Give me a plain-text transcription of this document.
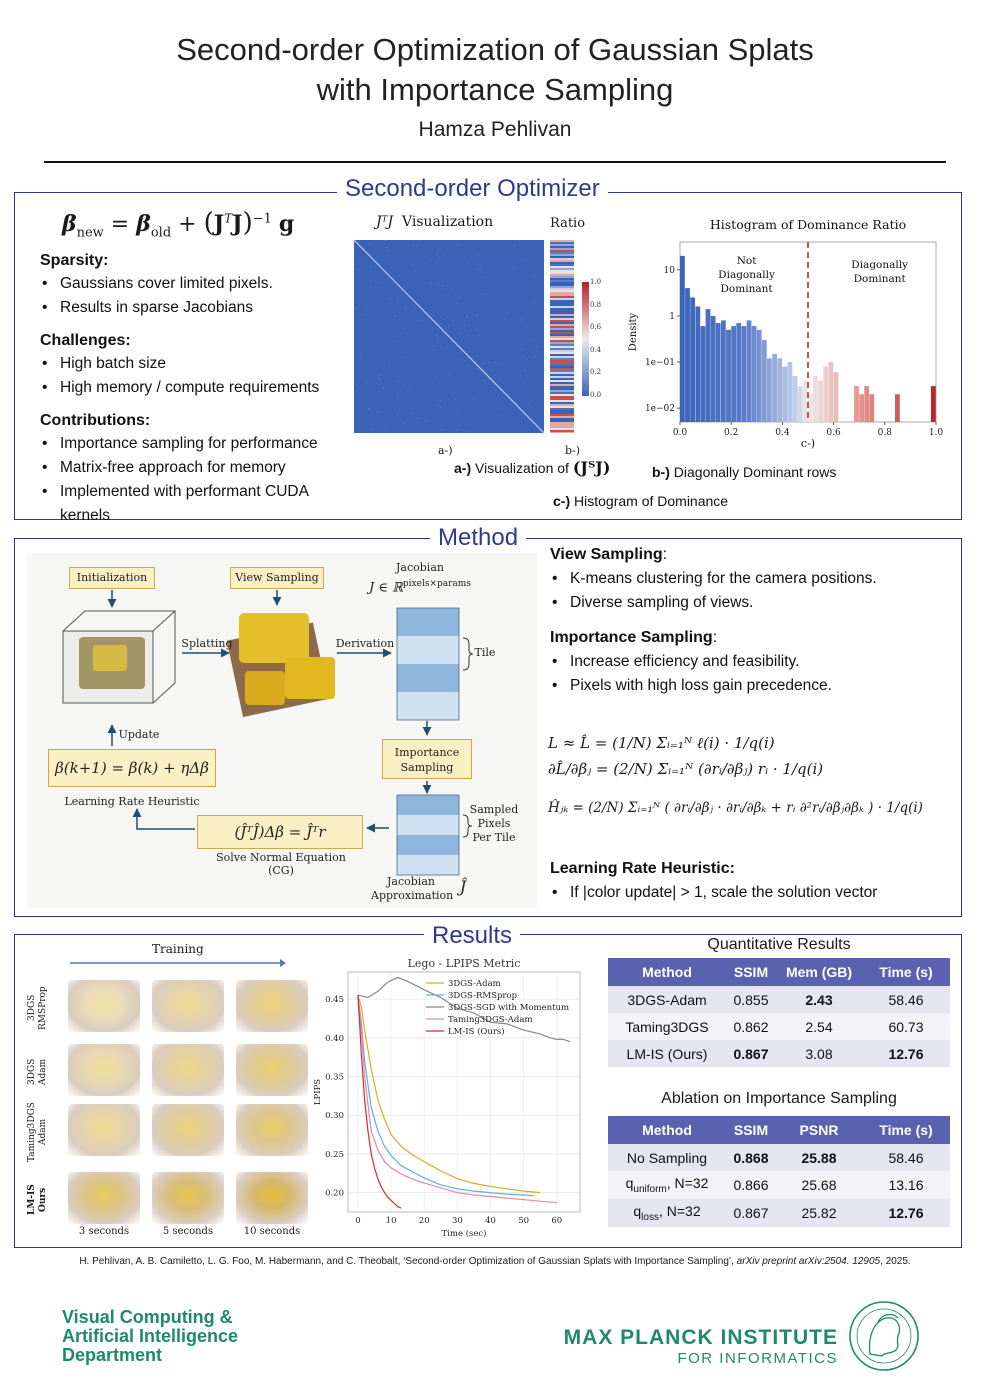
Second-order Optimization of Gaussian Splats
with Importance Sampling
Hamza Pehlivan
Second-order Optimizer
$\beta_{new} = \beta_{old} + (J^TJ)^{-1}$ g
Sparsity:
• Gaussians cover limited pixels.
• Results in sparse Jacobians
Challenges:
• High batch size
• High memory / compute requirements
Contributions:
• Importance sampling for performance
• Matrix-free approach for memory
• Implemented with performant CUDA kernels
JᵀJ Visualization
a-)
Ratio
1.0
0.8
0.6
0.4
0.2
0.0
b-)
Histogram of Dominance Ratio
0.0	0.2	0.4	0.6	0.8	1.0
10
1
1e−01
1e−02
Density
Not
Diagonally
Dominant
Diagonally
Dominant
c-)
a-) Visualization of (JᵀJ)	b-) Diagonally Dominant rows
c-) Histogram of Dominance
Method
Initialization	View Sampling
Jacobian
J ∈ ℝ$^{pixels\times params}$
Splatting	Derivation
Tile
Update
β(k+1) = β(k) + ηΔβ
Learning Rate Heuristic
Importance Sampling
Sampled Pixels Per Tile
(ĴᵀĴ)Δβ = Ĵᵀr
Solve Normal Equation (CG)
Jacobian Approximation Ĵ
View Sampling:
• K-means clustering for the camera positions.
• Diverse sampling of views.
Importance Sampling:
• Increase efficiency and feasibility.
• Pixels with high loss gain precedence.
L ≈ L̂ = (1/N) Σᵢ₌₁ᴺ ℓ(i) · 1/q(i)
∂L̂/∂βⱼ = (2/N) Σᵢ₌₁ᴺ (∂rᵢ/∂βⱼ) rᵢ · 1/q(i)
Ĥⱼₖ = (2/N) Σᵢ₌₁ᴺ ( ∂rᵢ/∂βⱼ · ∂rᵢ/∂βₖ + rᵢ ∂²rᵢ/∂βⱼ∂βₖ ) · 1/q(i)
Learning Rate Heuristic:
• If |color update| > 1, scale the solution vector
Results
Training
3DGS RMSProp
3DGS Adam
Taming3DGS Adam
LM-IS Ours
3 seconds	5 seconds	10 seconds
Lego - LPIPS Metric
0.20
0.25
0.30
0.35
0.40
0.45
0	10	20	30	40	50	60
Time (sec)
LPIPS
3DGS-Adam
3DGS-RMSprop
3DGS-SGD with Momentum
Taming3DGS-Adam
LM-IS (Ours)
Quantitative Results
Method	SSIM	Mem (GB)	Time (s)
3DGS-Adam	0.855	2.43	58.46
Taming3DGS	0.862	2.54	60.73
LM-IS (Ours)	0.867	3.08	12.76
Ablation on Importance Sampling
Method	SSIM	PSNR	Time (s)
No Sampling	0.868	25.88	58.46
$q_{uniform}$, N=32	0.866	25.68	13.16
$q_{loss}$, N=32	0.867	25.82	12.76
H. Pehlivan, A. B. Camiletto, L. G. Foo, M. Habermann, and C. Theobalt, ‘Second-order Optimization of Gaussian Splats with Importance Sampling’, arXiv preprint arXiv:2504. 12905, 2025.
Visual Computing &
Artificial Intelligence
Department
MAX PLANCK INSTITUTE
FOR INFORMATICS
